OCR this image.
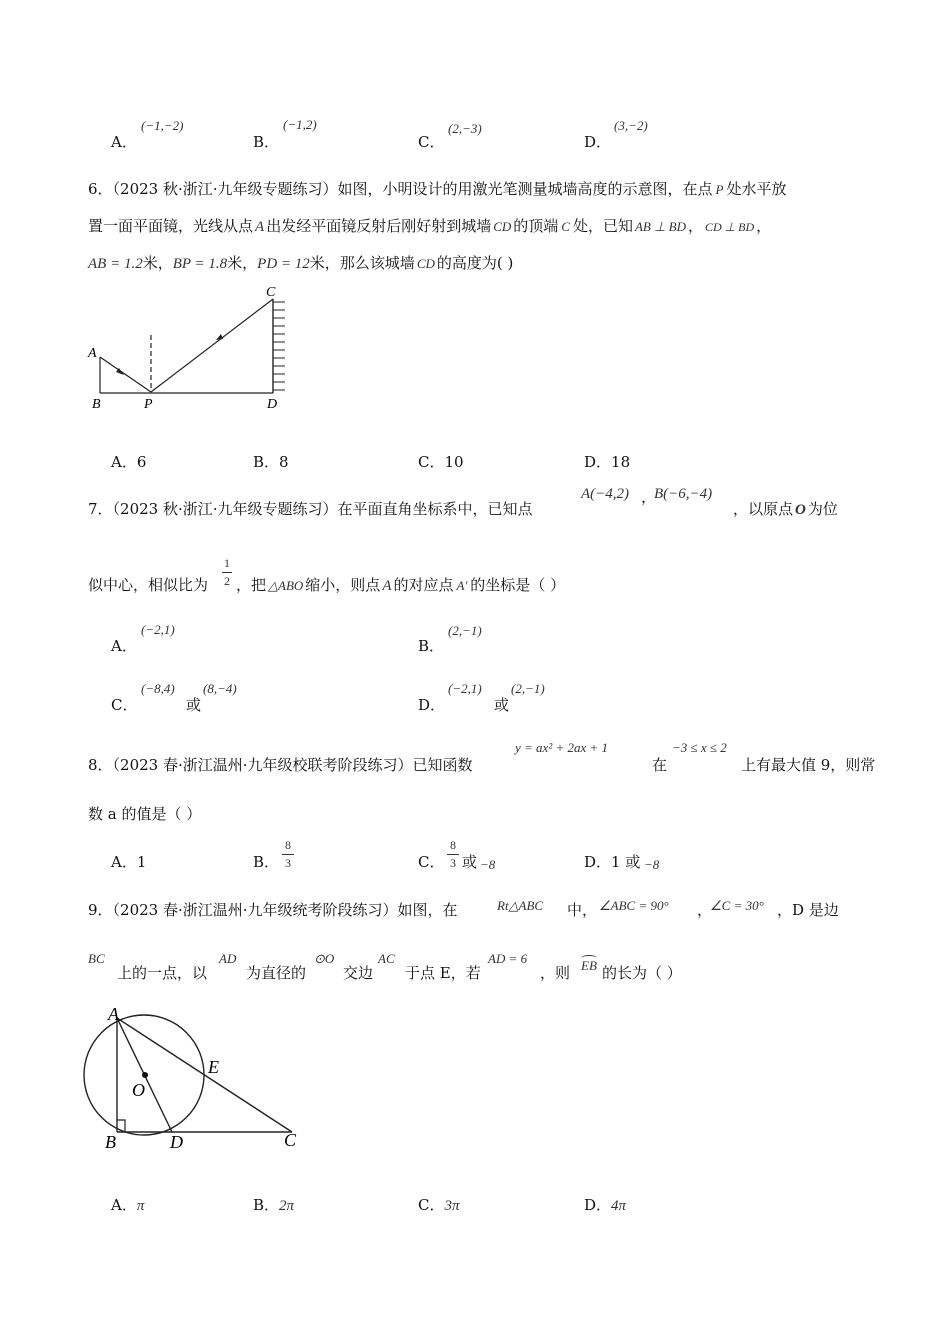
A．
(−1,−2)
B．
(−1,2)
C．
(2,−3)
D．
(3,−2)
6．（2023 秋·浙江·九年级专题练习）如图，小明设计的用激光笔测量城墙高度的示意图，在点 P 处水平放
置一面平面镜，光线从点 A 出发经平面镜反射后刚好射到城墙 CD 的顶端 C 处，已知 AB ⊥ BD ， CD ⊥ BD ，
AB = 1.2米，BP = 1.8米，PD = 12米，那么该城墙 CD 的高度为( )
A
B	P	D
C
A．6	B．8	C．10	D．18
7．（2023 秋·浙江·九年级专题练习）在平面直角坐标系中，已知点
A(−4,2) ，
B(−6,−4)
，以原点 O 为位
似中心，相似比为
1
2 ，把 △ABO 缩小，则点 A 的对应点 A′ 的坐标是（ ）
A．
(−2,1)
B．
(2,−1)
C．
(−8,4)
或
(8,−4)
D．
(−2,1)
或
(2,−1)
8．（2023 春·浙江温州·九年级校联考阶段练习）已知函数
y = ax² + 2ax + 1
在
−3 ≤ x ≤ 2
上有最大值 9，则常
数 a 的值是（ ）
A．1	B．
8
3	C．
8
3 或 −8	D．1 或 −8
9．（2023 春·浙江温州·九年级统考阶段练习）如图，在	Rt△ABC 中， ∠ABC = 90° ，
∠C = 30° ，D 是边
BC
上的一点，以
AD
为直径的
⊙O
交边
AC
于点 E，若
AD = 6
，则 EB 的长为（ ）
A
B	D	C
E
O
A．π	B．2π	C．3π	D．4π
